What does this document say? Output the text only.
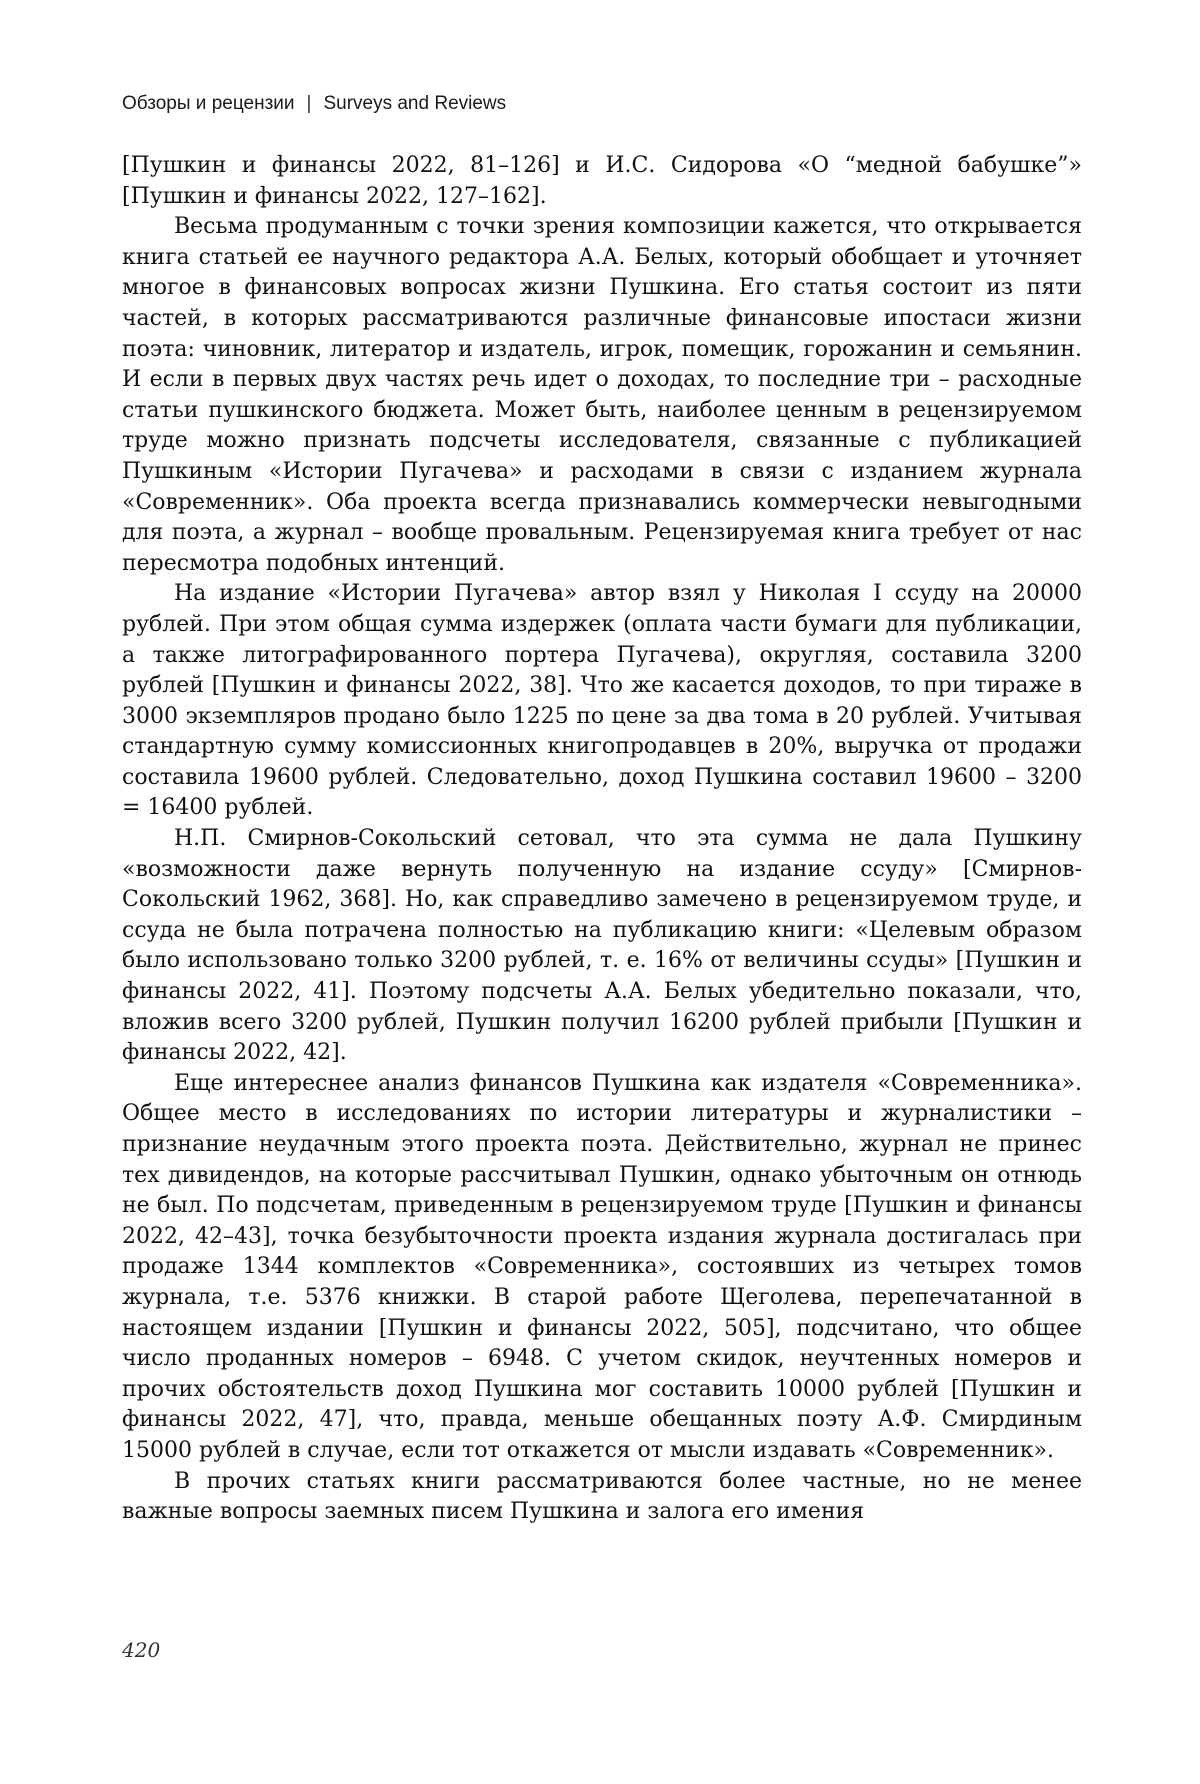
Обзоры и рецензии | Surveys and Reviews

[Пушкин и финансы 2022, 81–126] и И.С. Сидорова «О “медной бабушке”» [Пушкин и финансы 2022, 127–162].

Весьма продуманным с точки зрения композиции кажется, что открывается книга статьей ее научного редактора А.А. Белых, который обобщает и уточняет многое в финансовых вопросах жизни Пушкина. Его статья состоит из пяти частей, в которых рассматриваются различные финансовые ипостаси жизни поэта: чиновник, литератор и издатель, игрок, помещик, горожанин и семьянин. И если в первых двух частях речь идет о доходах, то последние три – расходные статьи пушкинского бюджета. Может быть, наиболее ценным в рецензируемом труде можно признать подсчеты исследователя, связанные с публикацией Пушкиным «Истории Пугачева» и расходами в связи с изданием журнала «Современник». Оба проекта всегда признавались коммерчески невыгодными для поэта, а журнал – вообще провальным. Рецензируемая книга требует от нас пересмотра подобных интенций.

На издание «Истории Пугачева» автор взял у Николая I ссуду на 20000 рублей. При этом общая сумма издержек (оплата части бумаги для публикации, а также литографированного портера Пугачева), округляя, составила 3200 рублей [Пушкин и финансы 2022, 38]. Что же касается доходов, то при тираже в 3000 экземпляров продано было 1225 по цене за два тома в 20 рублей. Учитывая стандартную сумму комиссионных книгопродавцев в 20%, выручка от продажи составила 19600 рублей. Следовательно, доход Пушкина составил 19600 – 3200 = 16400 рублей.

Н.П. Смирнов-Сокольский сетовал, что эта сумма не дала Пушкину «возможности даже вернуть полученную на издание ссуду» [Смирнов-Сокольский 1962, 368]. Но, как справедливо замечено в рецензируемом труде, и ссуда не была потрачена полностью на публикацию книги: «Целевым образом было использовано только 3200 рублей, т. е. 16% от величины ссуды» [Пушкин и финансы 2022, 41]. Поэтому подсчеты А.А. Белых убедительно показали, что, вложив всего 3200 рублей, Пушкин получил 16200 рублей прибыли [Пушкин и финансы 2022, 42].

Еще интереснее анализ финансов Пушкина как издателя «Современника». Общее место в исследованиях по истории литературы и журналистики – признание неудачным этого проекта поэта. Действительно, журнал не принес тех дивидендов, на которые рассчитывал Пушкин, однако убыточным он отнюдь не был. По подсчетам, приведенным в рецензируемом труде [Пушкин и финансы 2022, 42–43], точка безубыточности проекта издания журнала достигалась при продаже 1344 комплектов «Современника», состоявших из четырех томов журнала, т.е. 5376 книжки. В старой работе Щеголева, перепечатанной в настоящем издании [Пушкин и финансы 2022, 505], подсчитано, что общее число проданных номеров – 6948. С учетом скидок, неучтенных номеров и прочих обстоятельств доход Пушкина мог составить 10000 рублей [Пушкин и финансы 2022, 47], что, правда, меньше обещанных поэту А.Ф. Смирдиным 15000 рублей в случае, если тот откажется от мысли издавать «Современник».

В прочих статьях книги рассматриваются более частные, но не менее важные вопросы заемных писем Пушкина и залога его имения

420
